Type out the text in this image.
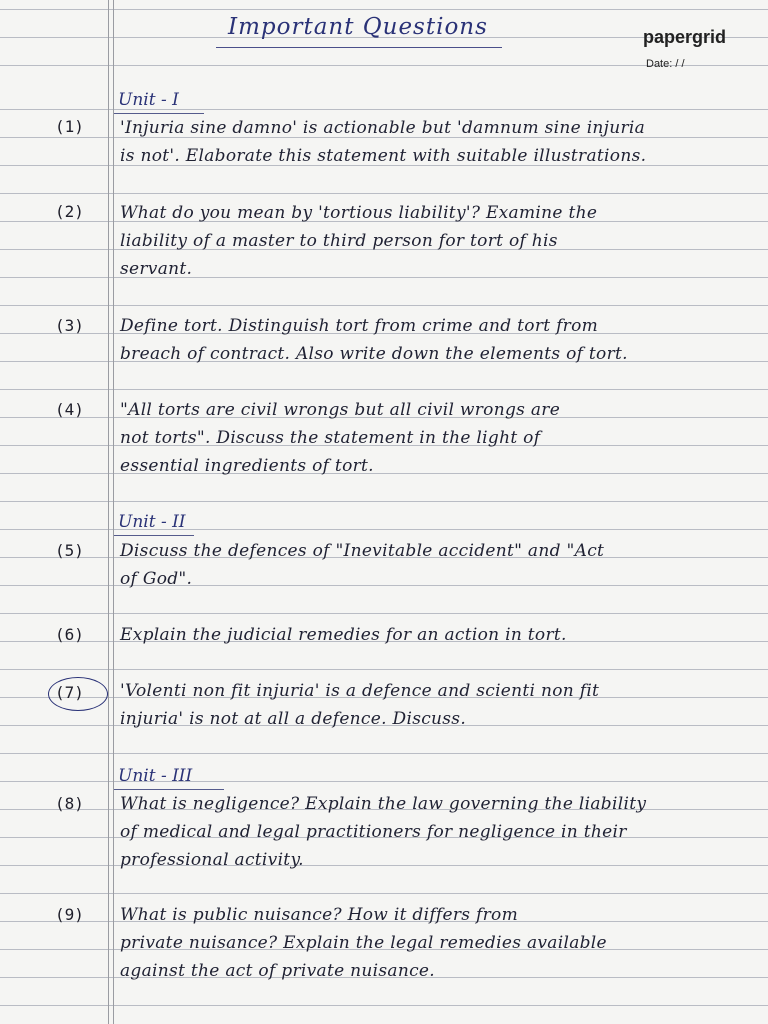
Important Questions	papergrid
Date: / /
Unit - I
(1)	'Injuria sine damno' is actionable but 'damnum sine injuria
is not'. Elaborate this statement with suitable illustrations.
(2)	What do you mean by 'tortious liability'? Examine the
liability of a master to third person for tort of his
servant.
(3)	Define tort. Distinguish tort from crime and tort from
breach of contract. Also write down the elements of tort.
(4)	"All torts are civil wrongs but all civil wrongs are
not torts". Discuss the statement in the light of
essential ingredients of tort.
Unit - II
(5)	Discuss the defences of "Inevitable accident" and "Act
of God".
(6)	Explain the judicial remedies for an action in tort.
(7)	'Volenti non fit injuria' is a defence and scienti non fit
injuria' is not at all a defence. Discuss.
Unit - III
(8)	What is negligence? Explain the law governing the liability
of medical and legal practitioners for negligence in their
professional activity.
(9)	What is public nuisance? How it differs from
private nuisance? Explain the legal remedies available
against the act of private nuisance.
